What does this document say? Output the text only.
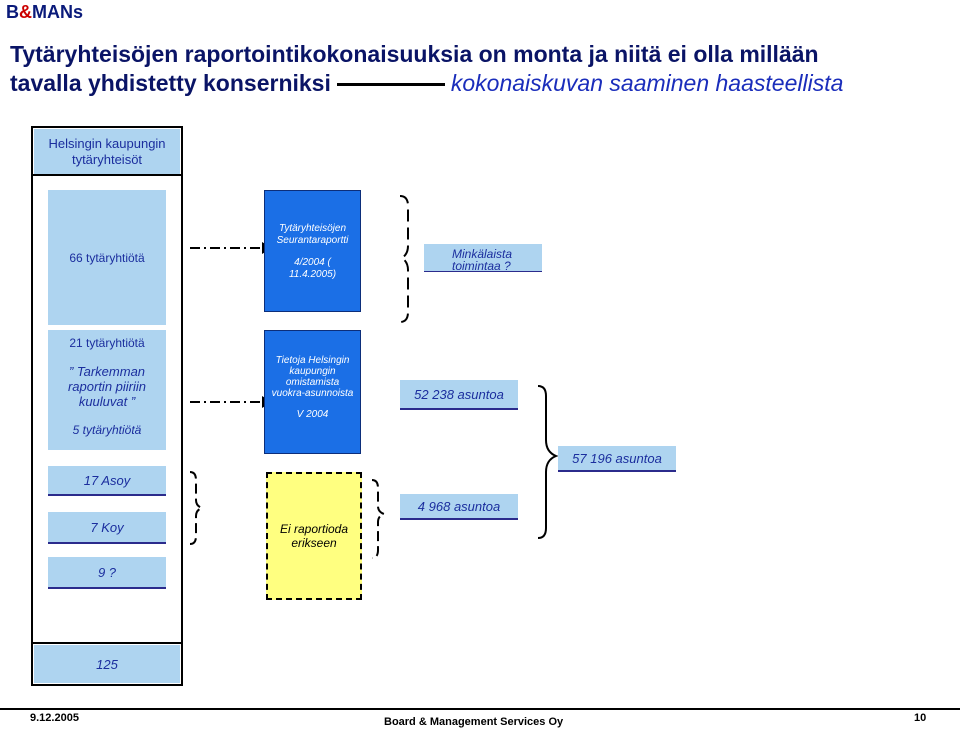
B&MANs
Tytäryhteisöjen raportointikokonaisuuksia on monta ja niitä ei olla millään
tavalla yhdistetty konserniksi	kokonaiskuvan saaminen haasteellista
Helsingin kaupungin tytäryhteisöt
66 tytäryhtiötä
21 tytäryhtiötä
” Tarkemman raportin piiriin kuuluvat ”
5 tytäryhtiötä
17 Asoy
7 Koy
9 ?
125
Tytäryhteisöjen Seurantaraportti
4/2004 ( 11.4.2005)
Tietoja Helsingin kaupungin omistamista vuokra-asunnoista
V 2004
Ei raportioda erikseen
Minkälaista toimintaa ?
52 238 asuntoa
57 196 asuntoa
4 968 asuntoa
9.12.2005	Board & Management Services Oy	10
